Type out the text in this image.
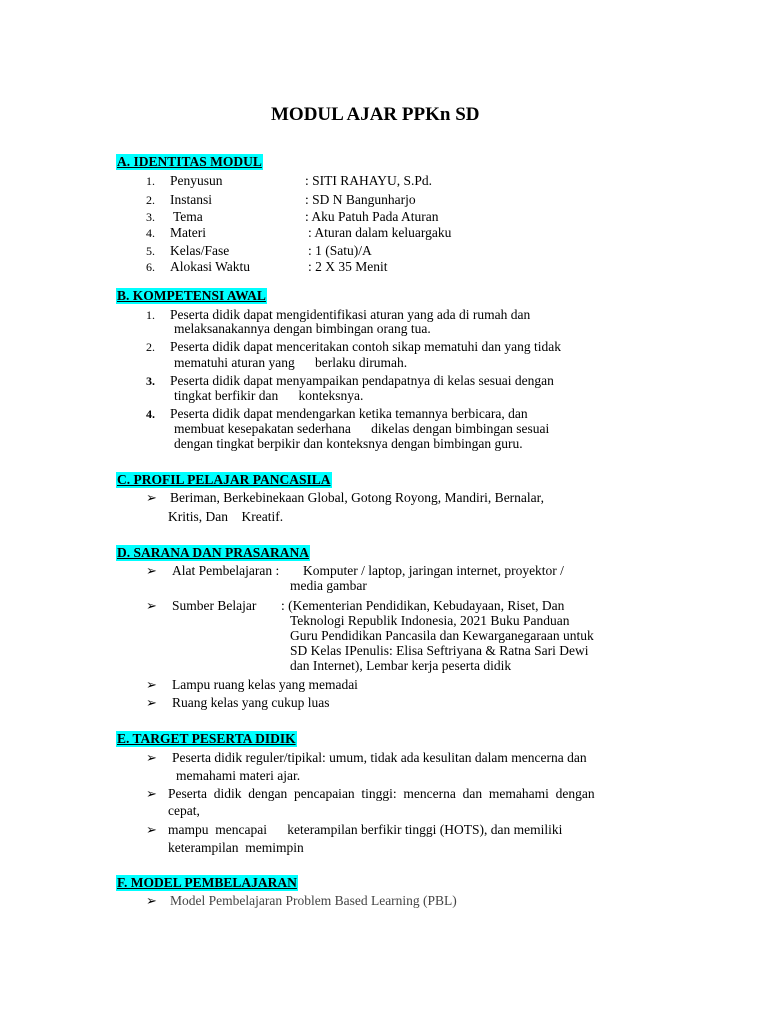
MODUL AJAR PPKn SD
A. IDENTITAS MODUL
1. Penyusun	: SITI RAHAYU, S.Pd.
2. Instansi	: SD N Bangunharjo
3. Tema	: Aku Patuh Pada Aturan
4. Materi	: Aturan dalam keluargaku
5. Kelas/Fase	: 1 (Satu)/A
6. Alokasi Waktu	: 2 X 35 Menit
B. KOMPETENSI AWAL
1. Peserta didik dapat mengidentifikasi aturan yang ada di rumah dan
melaksanakannya dengan bimbingan orang tua.
2. Peserta didik dapat menceritakan contoh sikap mematuhi dan yang tidak
mematuhi aturan yang      berlaku dirumah.
3. Peserta didik dapat menyampaikan pendapatnya di kelas sesuai dengan
tingkat berfikir dan      konteksnya.
4. Peserta didik dapat mendengarkan ketika temannya berbicara, dan
membuat kesepakatan sederhana      dikelas dengan bimbingan sesuai
dengan tingkat berpikir dan konteksnya dengan bimbingan guru.
C. PROFIL PELAJAR PANCASILA
➢ Beriman, Berkebinekaan Global, Gotong Royong, Mandiri, Bernalar,
Kritis, Dan    Kreatif.
D. SARANA DAN PRASARANA
➢ Alat Pembelajaran : Komputer / laptop, jaringan internet, proyektor /
media gambar
➢ Sumber Belajar : (Kementerian Pendidikan, Kebudayaan, Riset, Dan
Teknologi Republik Indonesia, 2021 Buku Panduan
Guru Pendidikan Pancasila dan Kewarganegaraan untuk
SD Kelas IPenulis: Elisa Seftriyana & Ratna Sari Dewi
dan Internet), Lembar kerja peserta didik
➢ Lampu ruang kelas yang memadai
➢ Ruang kelas yang cukup luas
E. TARGET PESERTA DIDIK
➢ Peserta didik reguler/tipikal: umum, tidak ada kesulitan dalam mencerna dan
memahami materi ajar.
➢ Peserta  didik  dengan  pencapaian  tinggi:  mencerna  dan  memahami  dengan
cepat,
➢ mampu  mencapai      keterampilan berfikir tinggi (HOTS), dan memiliki
keterampilan  memimpin
F. MODEL PEMBELAJARAN
➢ Model Pembelajaran Problem Based Learning (PBL)
